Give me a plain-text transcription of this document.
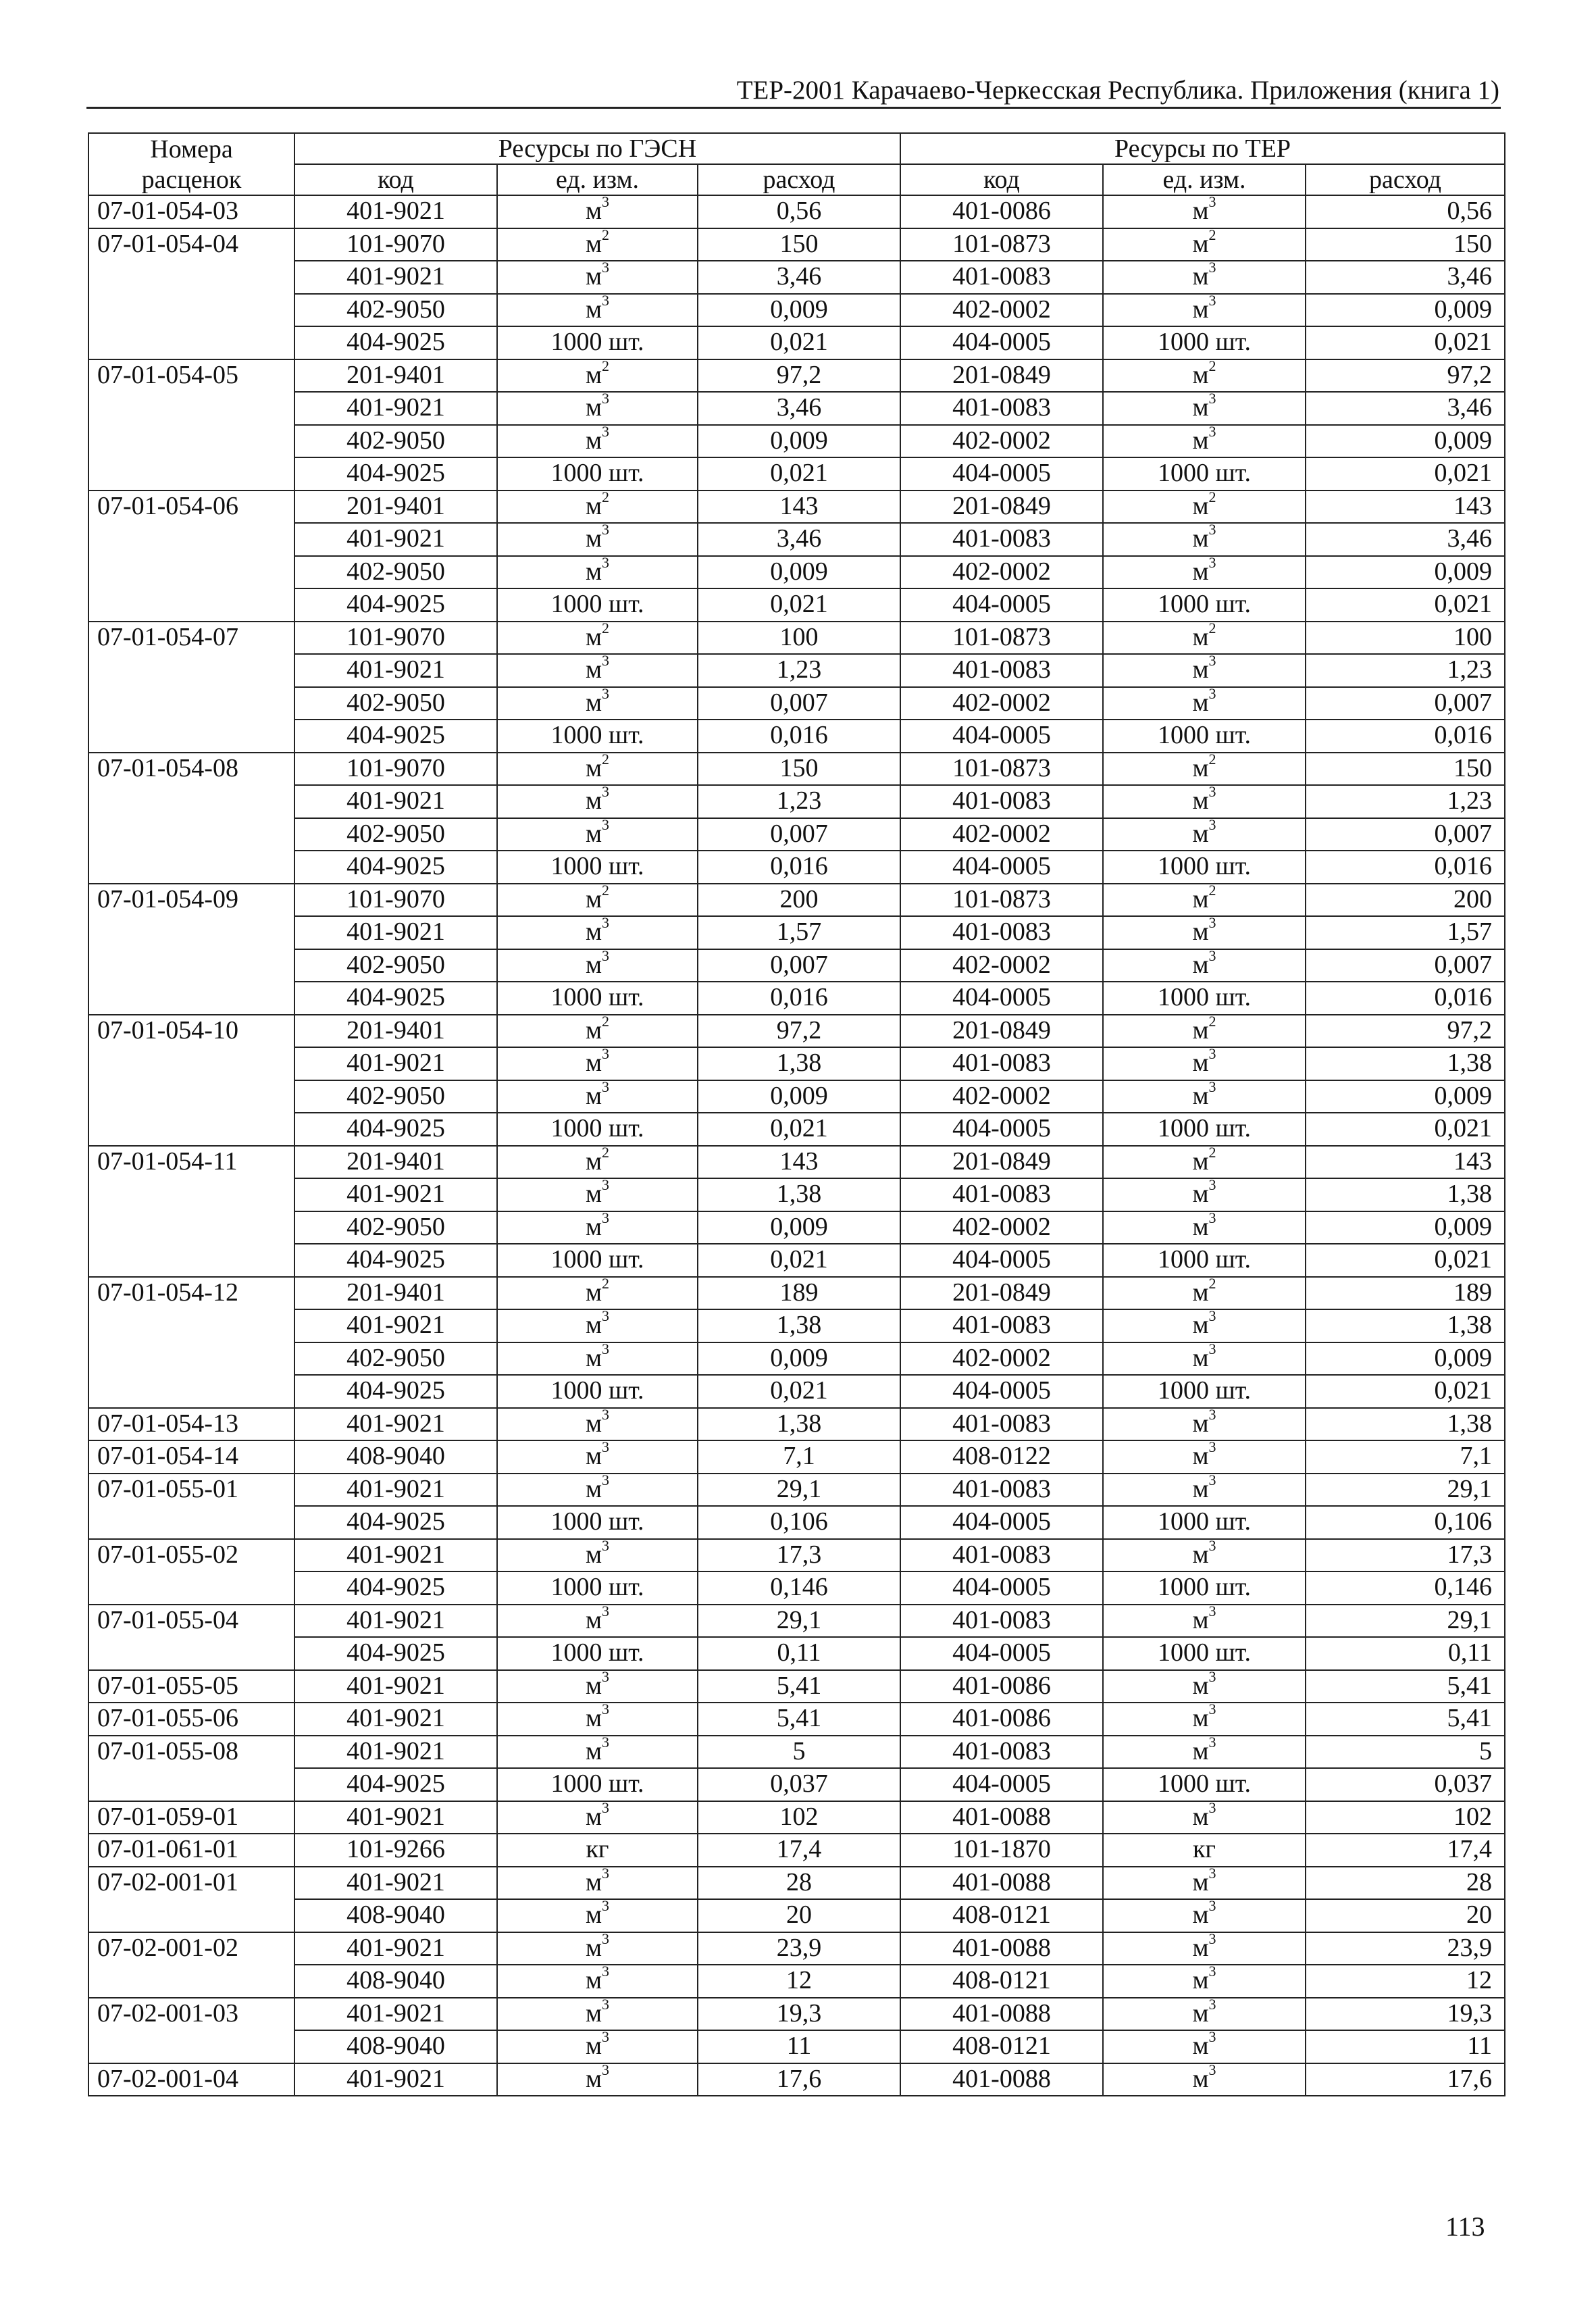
ТЕР-2001 Карачаево-Черкесская Республика. Приложения (книга 1)
Номера	Ресурсы по ГЭСН			Ресурсы по ТЕР		
расценок	код	ед. изм.	расход	код	ед. изм.	расход
07-01-054-03	401-9021	$м^3$	0,56	401-0086	$м^3$	0,56
07-01-054-04	101-9070	$м^2$	150	101-0873	$м^2$	150
	401-9021	$м^3$	3,46	401-0083	$м^3$	3,46
	402-9050	$м^3$	0,009	402-0002	$м^3$	0,009
	404-9025	1000 шт.	0,021	404-0005	1000 шт.	0,021
07-01-054-05	201-9401	$м^2$	97,2	201-0849	$м^2$	97,2
	401-9021	$м^3$	3,46	401-0083	$м^3$	3,46
	402-9050	$м^3$	0,009	402-0002	$м^3$	0,009
	404-9025	1000 шт.	0,021	404-0005	1000 шт.	0,021
07-01-054-06	201-9401	$м^2$	143	201-0849	$м^2$	143
	401-9021	$м^3$	3,46	401-0083	$м^3$	3,46
	402-9050	$м^3$	0,009	402-0002	$м^3$	0,009
	404-9025	1000 шт.	0,021	404-0005	1000 шт.	0,021
07-01-054-07	101-9070	$м^2$	100	101-0873	$м^2$	100
	401-9021	$м^3$	1,23	401-0083	$м^3$	1,23
	402-9050	$м^3$	0,007	402-0002	$м^3$	0,007
	404-9025	1000 шт.	0,016	404-0005	1000 шт.	0,016
07-01-054-08	101-9070	$м^2$	150	101-0873	$м^2$	150
	401-9021	$м^3$	1,23	401-0083	$м^3$	1,23
	402-9050	$м^3$	0,007	402-0002	$м^3$	0,007
	404-9025	1000 шт.	0,016	404-0005	1000 шт.	0,016
07-01-054-09	101-9070	$м^2$	200	101-0873	$м^2$	200
	401-9021	$м^3$	1,57	401-0083	$м^3$	1,57
	402-9050	$м^3$	0,007	402-0002	$м^3$	0,007
	404-9025	1000 шт.	0,016	404-0005	1000 шт.	0,016
07-01-054-10	201-9401	$м^2$	97,2	201-0849	$м^2$	97,2
	401-9021	$м^3$	1,38	401-0083	$м^3$	1,38
	402-9050	$м^3$	0,009	402-0002	$м^3$	0,009
	404-9025	1000 шт.	0,021	404-0005	1000 шт.	0,021
07-01-054-11	201-9401	$м^2$	143	201-0849	$м^2$	143
	401-9021	$м^3$	1,38	401-0083	$м^3$	1,38
	402-9050	$м^3$	0,009	402-0002	$м^3$	0,009
	404-9025	1000 шт.	0,021	404-0005	1000 шт.	0,021
07-01-054-12	201-9401	$м^2$	189	201-0849	$м^2$	189
	401-9021	$м^3$	1,38	401-0083	$м^3$	1,38
	402-9050	$м^3$	0,009	402-0002	$м^3$	0,009
	404-9025	1000 шт.	0,021	404-0005	1000 шт.	0,021
07-01-054-13	401-9021	$м^3$	1,38	401-0083	$м^3$	1,38
07-01-054-14	408-9040	$м^3$	7,1	408-0122	$м^3$	7,1
07-01-055-01	401-9021	$м^3$	29,1	401-0083	$м^3$	29,1
	404-9025	1000 шт.	0,106	404-0005	1000 шт.	0,106
07-01-055-02	401-9021	$м^3$	17,3	401-0083	$м^3$	17,3
	404-9025	1000 шт.	0,146	404-0005	1000 шт.	0,146
07-01-055-04	401-9021	$м^3$	29,1	401-0083	$м^3$	29,1
	404-9025	1000 шт.	0,11	404-0005	1000 шт.	0,11
07-01-055-05	401-9021	$м^3$	5,41	401-0086	$м^3$	5,41
07-01-055-06	401-9021	$м^3$	5,41	401-0086	$м^3$	5,41
07-01-055-08	401-9021	$м^3$	5	401-0083	$м^3$	5
	404-9025	1000 шт.	0,037	404-0005	1000 шт.	0,037
07-01-059-01	401-9021	$м^3$	102	401-0088	$м^3$	102
07-01-061-01	101-9266	кг	17,4	101-1870	кг	17,4
07-02-001-01	401-9021	$м^3$	28	401-0088	$м^3$	28
	408-9040	$м^3$	20	408-0121	$м^3$	20
07-02-001-02	401-9021	$м^3$	23,9	401-0088	$м^3$	23,9
	408-9040	$м^3$	12	408-0121	$м^3$	12
07-02-001-03	401-9021	$м^3$	19,3	401-0088	$м^3$	19,3
	408-9040	$м^3$	11	408-0121	$м^3$	11
07-02-001-04	401-9021	$м^3$	17,6	401-0088	$м^3$	17,6
113
